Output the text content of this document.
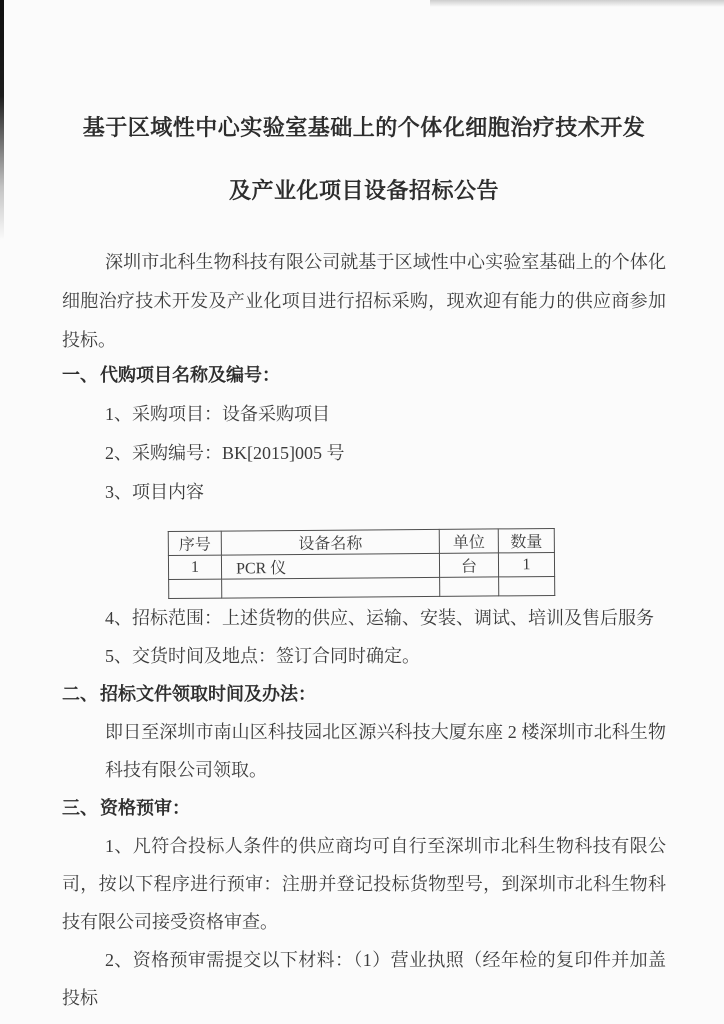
基于区域性中心实验室基础上的个体化细胞治疗技术开发
及产业化项目设备招标公告

深圳市北科生物科技有限公司就基于区域性中心实验室基础上的个体化细胞治疗技术开发及产业化项目进行招标采购，现欢迎有能力的供应商参加投标。

一、 代购项目名称及编号：

1、采购项目：设备采购项目

2、采购编号：BK[2015]005 号

3、项目内容

序号	设备名称	单位	数量
1	PCR 仪	台	1

4、招标范围：上述货物的供应、运输、安装、调试、培训及售后服务

5、交货时间及地点：签订合同时确定。

二、 招标文件领取时间及办法：

即日至深圳市南山区科技园北区源兴科技大厦东座 2 楼深圳市北科生物科技有限公司领取。

三、 资格预审：

1、凡符合投标人条件的供应商均可自行至深圳市北科生物科技有限公司，按以下程序进行预审：注册并登记投标货物型号，到深圳市北科生物科技有限公司接受资格审查。

2、资格预审需提交以下材料：（1）营业执照（经年检的复印件并加盖投标
